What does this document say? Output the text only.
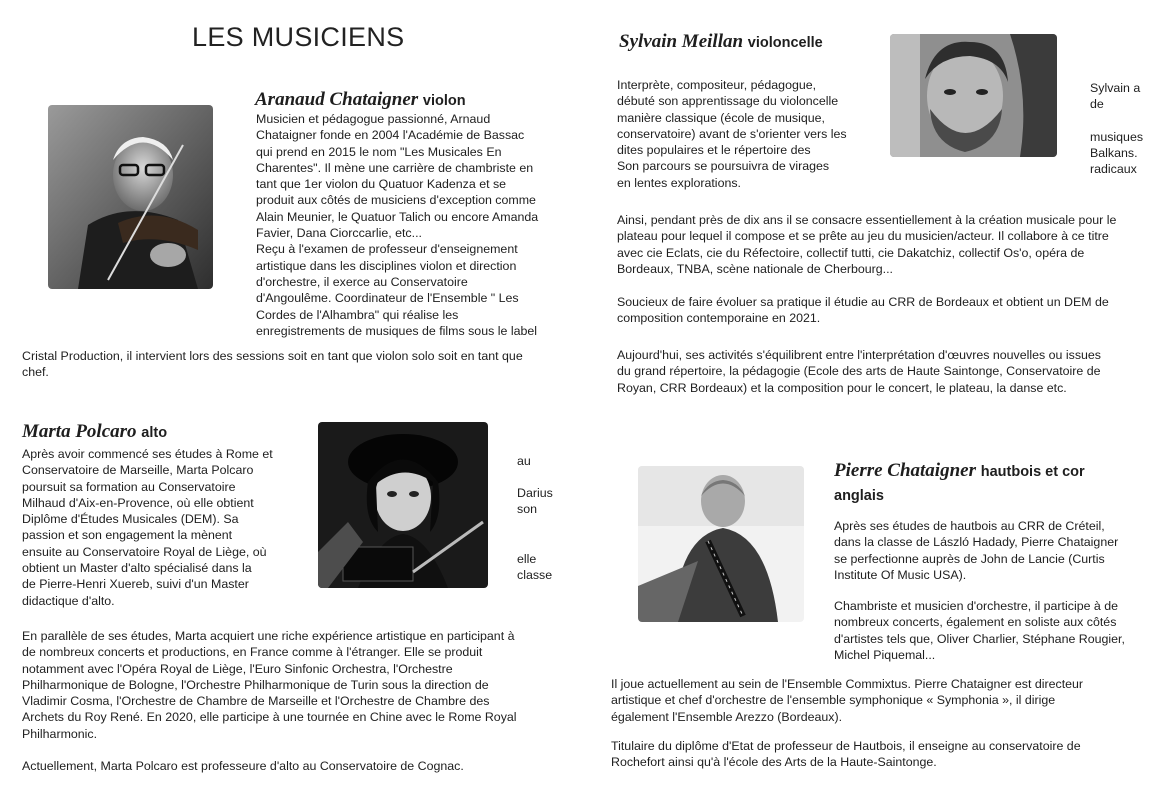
LES MUSICIENS
Aranaud Chataigner violon

Musicien et pédagogue passionné, Arnaud

Chataigner fonde en 2004 l'Académie de Bassac

qui prend en 2015 le nom "Les Musicales En

Charentes". Il mène une carrière de chambriste en

tant que 1er violon du Quatuor Kadenza et se

produit aux côtés de musiciens d'exception comme

Alain Meunier, le Quatuor Talich ou encore Amanda

Favier, Dana Ciorccarlie, etc...

Reçu à l'examen de professeur d'enseignement

artistique dans les disciplines violon et direction

d'orchestre, il exerce au Conservatoire

d'Angoulême. Coordinateur de l'Ensemble " Les

Cordes de l'Alhambra" qui réalise les

enregistrements de musiques de films sous le label

Cristal Production, il intervient lors des sessions soit en tant que violon solo soit en tant que

chef.

Marta Polcaro alto

Après avoir commencé ses études à Rome et

Conservatoire de Marseille, Marta Polcaro

poursuit sa formation au Conservatoire

Milhaud d'Aix-en-Provence, où elle obtient

Diplôme d'Études Musicales (DEM). Sa

passion et son engagement la mènent

ensuite au Conservatoire Royal de Liège, où

obtient un Master d'alto spécialisé dans la

de Pierre-Henri Xuereb, suivi d'un Master

didactique d'alto.

au
Darius
son
elle
classe

En parallèle de ses études, Marta acquiert une riche expérience artistique en participant à

de nombreux concerts et productions, en France comme à l'étranger. Elle se produit

notamment avec l'Opéra Royal de Liège, l'Euro Sinfonic Orchestra, l'Orchestre

Philharmonique de Bologne, l'Orchestre Philharmonique de Turin sous la direction de

Vladimir Cosma, l'Orchestre de Chambre de Marseille et l'Orchestre de Chambre des

Archets du Roy René. En 2020, elle participe à une tournée en Chine avec le Rome Royal

Philharmonic.

Actuellement, Marta Polcaro est professeure d'alto au Conservatoire de Cognac.
Sylvain Meillan violoncelle

Interprète, compositeur, pédagogue,

débuté son apprentissage du violoncelle

manière classique (école de musique,

conservatoire) avant de s'orienter vers les

dites populaires et le répertoire des

Son parcours se poursuivra de virages

en lentes explorations.

Sylvain a
de
musiques
Balkans.
radicaux

Ainsi, pendant près de dix ans il se consacre essentiellement à la création musicale pour le

plateau pour lequel il compose et se prête au jeu du musicien/acteur. Il collabore à ce titre

avec cie Eclats, cie du Réfectoire, collectif tutti, cie Dakatchiz, collectif Os'o, opéra de

Bordeaux, TNBA, scène nationale de Cherbourg...

Soucieux de faire évoluer sa pratique il étudie au CRR de Bordeaux et obtient un DEM de

composition contemporaine en 2021.

Aujourd'hui, ses activités s'équilibrent entre l'interprétation d'œuvres nouvelles ou issues

du grand répertoire, la pédagogie (Ecole des arts de Haute Saintonge, Conservatoire de

Royan, CRR Bordeaux) et la composition pour le concert, le plateau, la danse etc.

Pierre Chataigner hautbois et cor
anglais

Après ses études de hautbois au CRR de Créteil,

dans la classe de László Hadady, Pierre Chataigner

se perfectionne auprès de John de Lancie (Curtis

Institute Of Music USA).

Chambriste et musicien d'orchestre, il participe à de

nombreux concerts, également en soliste aux côtés

d'artistes tels que, Oliver Charlier, Stéphane Rougier,

Michel Piquemal...

Il joue actuellement au sein de l'Ensemble Commixtus. Pierre Chataigner est directeur

artistique et chef d'orchestre de l'ensemble symphonique « Symphonia », il dirige

également l'Ensemble Arezzo (Bordeaux).

Titulaire du diplôme d'Etat de professeur de Hautbois, il enseigne au conservatoire de

Rochefort ainsi qu'à l'école des Arts de la Haute-Saintonge.
